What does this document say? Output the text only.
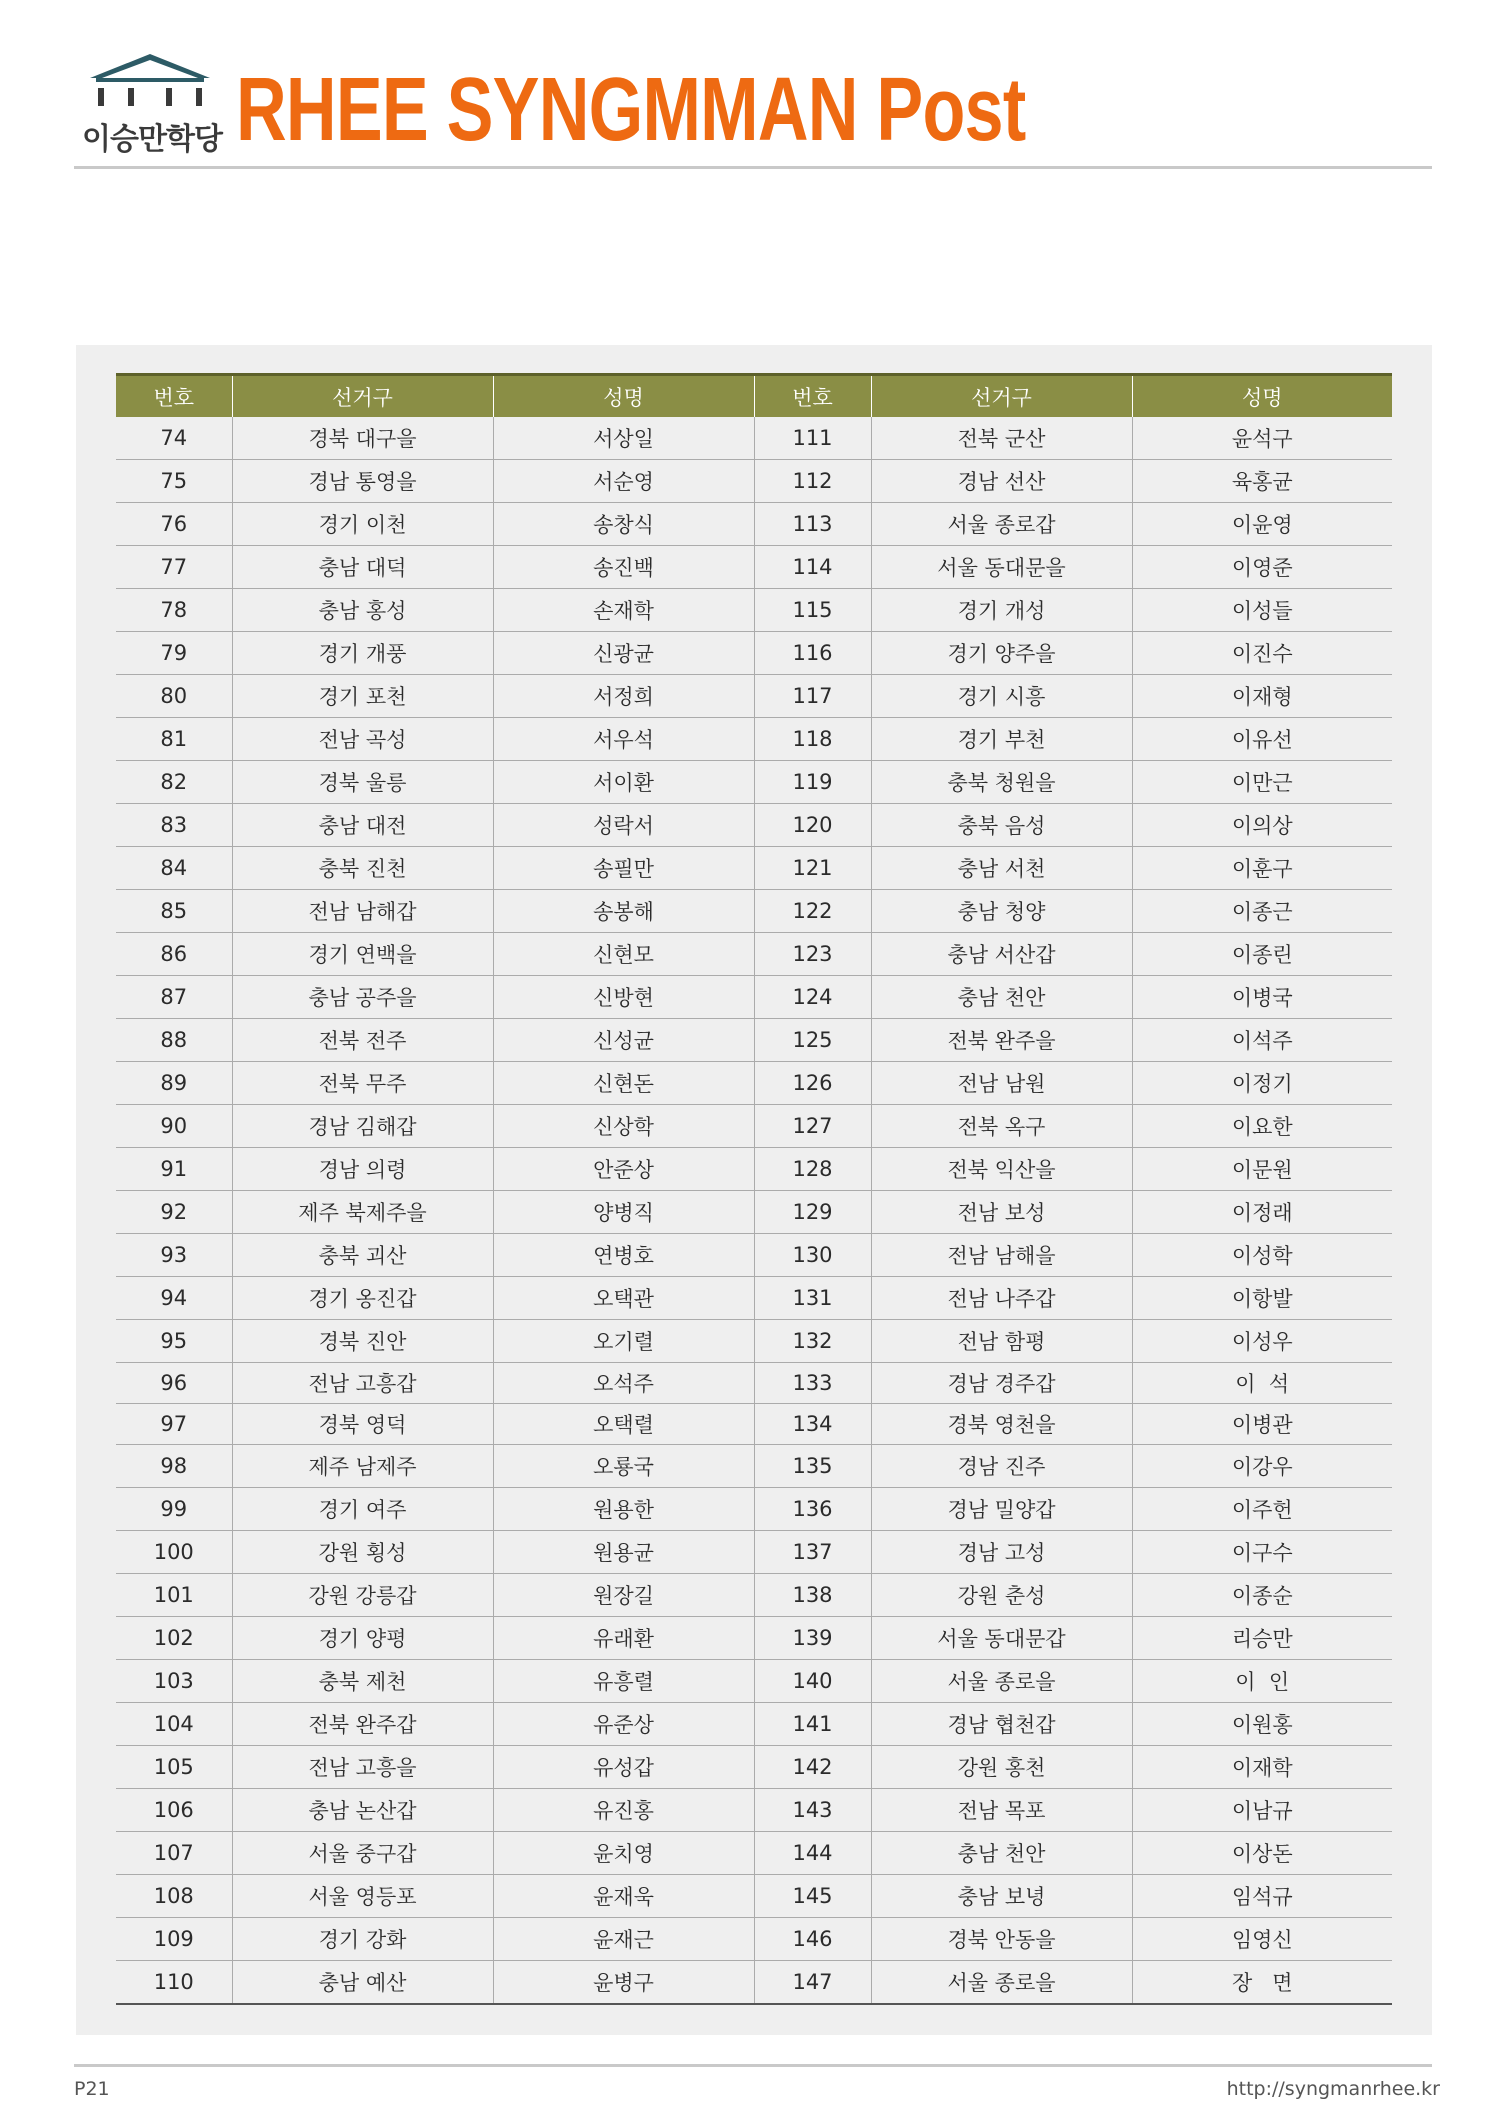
이승만학당 RHEE SYNGMMAN Post
번호	선거구	성명	번호	선거구	성명
74	경북 대구을	서상일	111	전북 군산	윤석구
75	경남 통영을	서순영	112	경남 선산	육홍균
76	경기 이천	송창식	113	서울 종로갑	이윤영
77	충남 대덕	송진백	114	서울 동대문을	이영준
78	충남 홍성	손재학	115	경기 개성	이성들
79	경기 개풍	신광균	116	경기 양주을	이진수
80	경기 포천	서정희	117	경기 시흥	이재형
81	전남 곡성	서우석	118	경기 부천	이유선
82	경북 울릉	서이환	119	충북 청원을	이만근
83	충남 대전	성락서	120	충북 음성	이의상
84	충북 진천	송필만	121	충남 서천	이훈구
85	전남 남해갑	송봉해	122	충남 청양	이종근
86	경기 연백을	신현모	123	충남 서산갑	이종린
87	충남 공주을	신방현	124	충남 천안	이병국
88	전북 전주	신성균	125	전북 완주을	이석주
89	전북 무주	신현돈	126	전남 남원	이정기
90	경남 김해갑	신상학	127	전북 옥구	이요한
91	경남 의령	안준상	128	전북 익산을	이문원
92	제주 북제주을	양병직	129	전남 보성	이정래
93	충북 괴산	연병호	130	전남 남해을	이성학
94	경기 옹진갑	오택관	131	전남 나주갑	이항발
95	경북 진안	오기렬	132	전남 함평	이성우
96	전남 고흥갑	오석주	133	경남 경주갑	이  석
97	경북 영덕	오택렬	134	경북 영천을	이병관
98	제주 남제주	오룡국	135	경남 진주	이강우
99	경기 여주	원용한	136	경남 밀양갑	이주헌
100	강원 횡성	원용균	137	경남 고성	이구수
101	강원 강릉갑	원장길	138	강원 춘성	이종순
102	경기 양평	유래환	139	서울 동대문갑	리승만
103	충북 제천	유흥렬	140	서울 종로을	이  인
104	전북 완주갑	유준상	141	경남 협천갑	이원홍
105	전남 고흥을	유성갑	142	강원 홍천	이재학
106	충남 논산갑	유진홍	143	전남 목포	이남규
107	서울 중구갑	윤치영	144	충남 천안	이상돈
108	서울 영등포	윤재욱	145	충남 보녕	임석규
109	경기 강화	윤재근	146	경북 안동을	임영신
110	충남 예산	윤병구	147	서울 종로을	장   면
P21	http://syngmanrhee.kr
